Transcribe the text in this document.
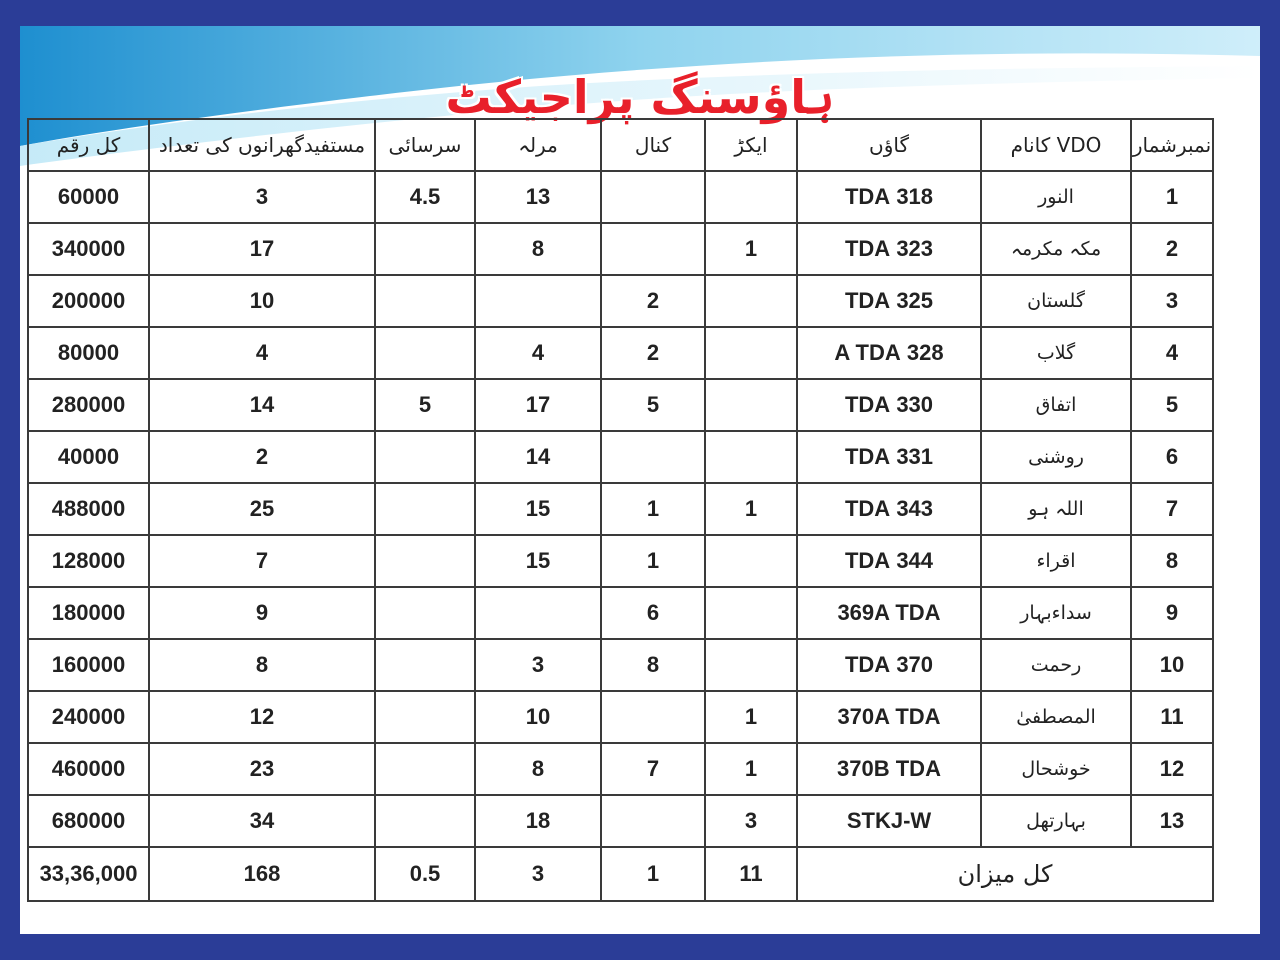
ہاؤسنگ پراجیکٹ
نمبرشمار	VDO کانام	گاؤں	ایکڑ	کنال	مرلہ	سرسائی	مستفیدگھرانوں کی تعداد	کل رقم
1	النور	318 TDA			13	4.5	3	60000
2	مکہ مکرمہ	323 TDA	1		8		17	340000
3	گلستان	325 TDA		2			10	200000
4	گلاب	328 A TDA		2	4		4	80000
5	اتفاق	330 TDA		5	17	5	14	280000
6	روشنی	331 TDA			14		2	40000
7	اللہ ہو	343 TDA	1	1	15		25	488000
8	اقراء	344 TDA		1	15		7	128000
9	سداءبہار	369A TDA		6			9	180000
10	رحمت	370 TDA		8	3		8	160000
11	المصطفیٰ	370A TDA	1		10		12	240000
12	خوشحال	370B TDA	1	7	8		23	460000
13	بہارتھل	STKJ-W	3		18		34	680000
کل میزان			11	1	3	0.5	168	33,36,000
